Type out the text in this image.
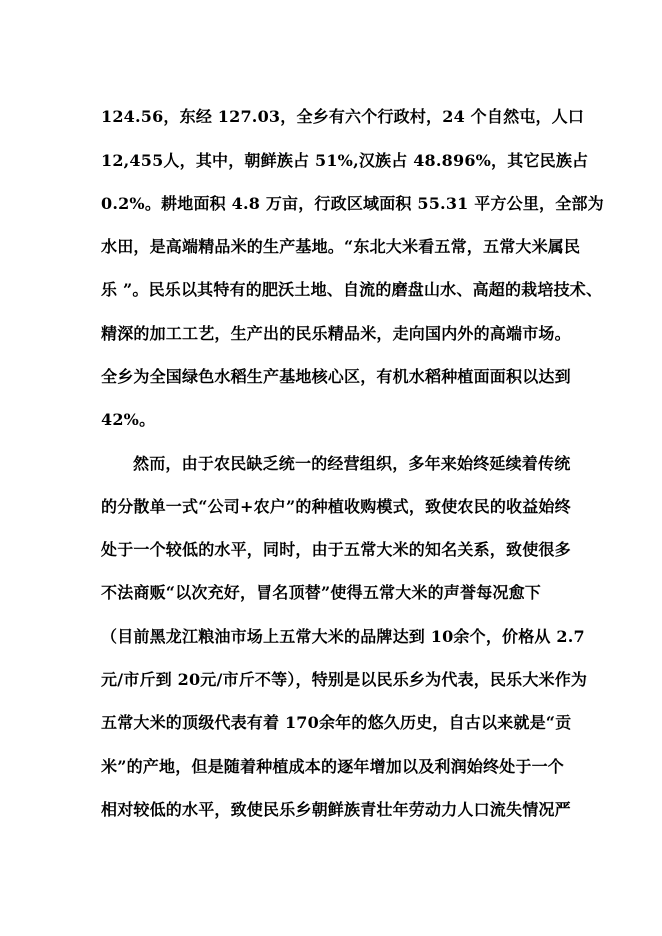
124.56，东经 127.03，全乡有六个行政村，24 个自然屯，人口
12,455人，其中，朝鲜族占 51%,汉族占 48.896%，其它民族占
0.2%。耕地面积 4.8 万亩，行政区域面积 55.31 平方公里，全部为
水田，是高端精品米的生产基地。“东北大米看五常，五常大米属民
乐 ”。民乐以其特有的肥沃土地、自流的磨盘山水、高超的栽培技术、
精深的加工工艺，生产出的民乐精品米，走向国内外的高端市场。
全乡为全国绿色水稻生产基地核心区，有机水稻种植面面积以达到
42%。
然而，由于农民缺乏统一的经营组织，多年来始终延续着传统
的分散单一式“公司+农户”的种植收购模式，致使农民的收益始终
处于一个较低的水平，同时，由于五常大米的知名关系，致使很多
不法商贩“以次充好，冒名顶替”使得五常大米的声誉每况愈下
（目前黑龙江粮油市场上五常大米的品牌达到 10余个，价格从 2.7
元/市斤到 20元/市斤不等），特别是以民乐乡为代表，民乐大米作为
五常大米的顶级代表有着 170余年的悠久历史，自古以来就是“贡
米”的产地，但是随着种植成本的逐年增加以及利润始终处于一个
相对较低的水平，致使民乐乡朝鲜族青壮年劳动力人口流失情况严
